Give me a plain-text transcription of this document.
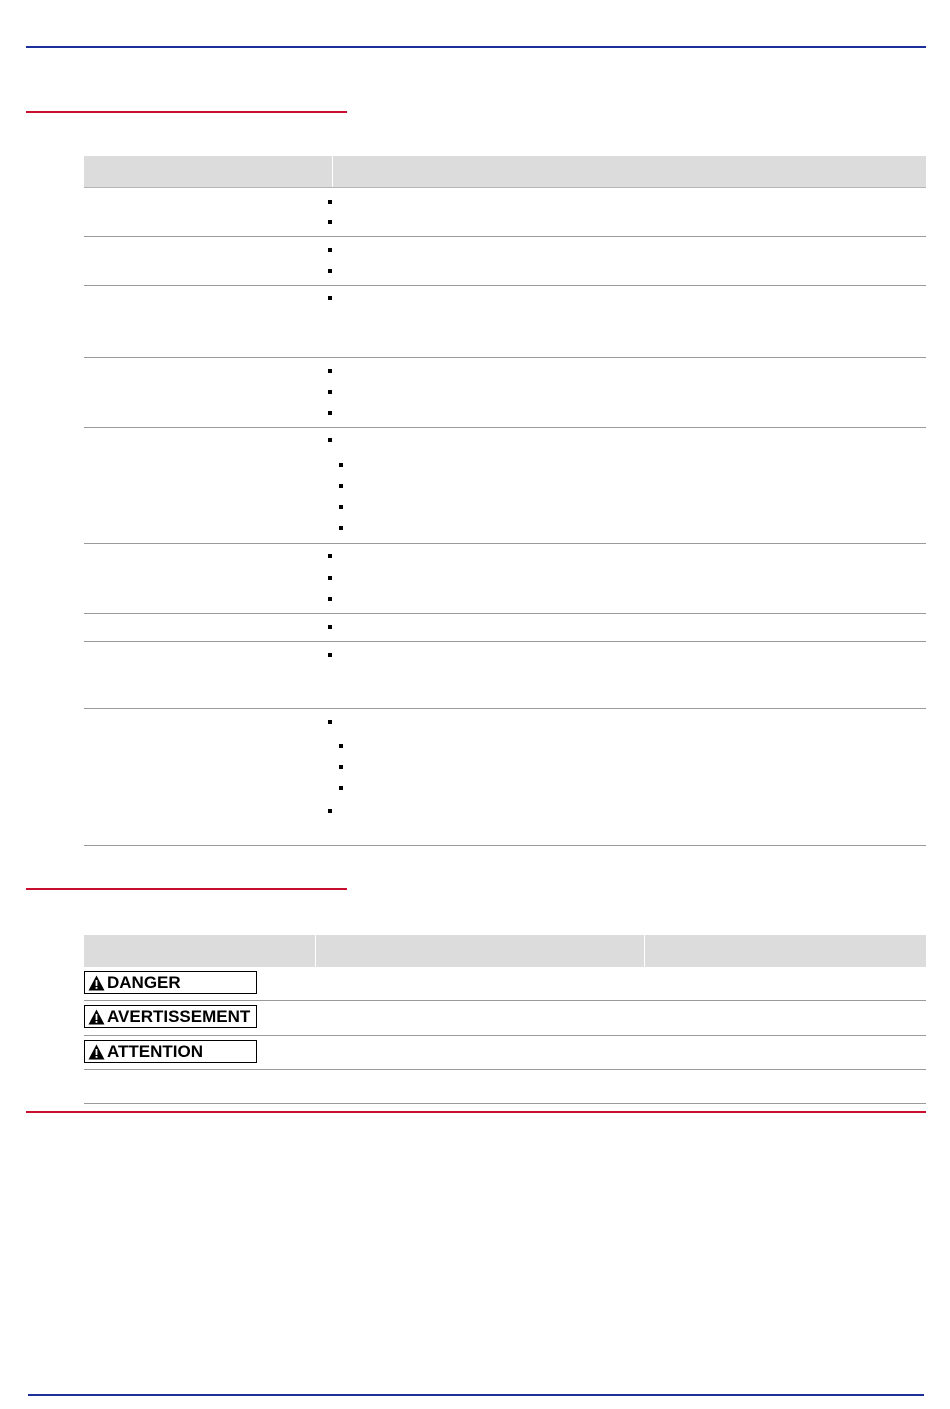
DANGER
AVERTISSEMENT
ATTENTION
